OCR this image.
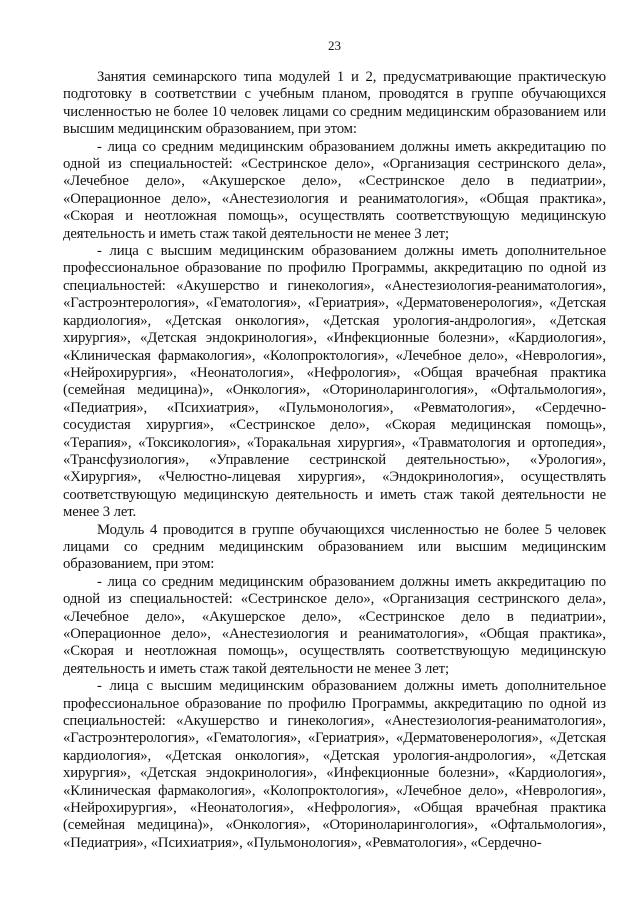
23

Занятия семинарского типа модулей 1 и 2, предусматривающие практическую подготовку в соответствии с учебным планом, проводятся в группе обучающихся численностью не более 10 человек лицами со средним медицинским образованием или высшим медицинским образованием, при этом:

- лица со средним медицинским образованием должны иметь аккредитацию по одной из специальностей: «Сестринское дело», «Организация сестринского дела», «Лечебное дело», «Акушерское дело», «Сестринское дело в педиатрии», «Операционное дело», «Анестезиология и реаниматология», «Общая практика», «Скорая и неотложная помощь», осуществлять соответствующую медицинскую деятельность и иметь стаж такой деятельности не менее 3 лет;

- лица с высшим медицинским образованием должны иметь дополнительное профессиональное образование по профилю Программы, аккредитацию по одной из специальностей: «Акушерство и гинекология», «Анестезиология-реаниматология», «Гастроэнтерология», «Гематология», «Гериатрия», «Дерматовенерология», «Детская кардиология», «Детская онкология», «Детская урология-андрология», «Детская хирургия», «Детская эндокринология», «Инфекционные болезни», «Кардиология», «Клиническая фармакология», «Колопроктология», «Лечебное дело», «Неврология», «Нейрохирургия», «Неонатология», «Нефрология», «Общая врачебная практика (семейная медицина)», «Онкология», «Оториноларингология», «Офтальмология», «Педиатрия», «Психиатрия», «Пульмонология», «Ревматология», «Сердечно-сосудистая хирургия», «Сестринское дело», «Скорая медицинская помощь», «Терапия», «Токсикология», «Торакальная хирургия», «Травматология и ортопедия», «Трансфузиология», «Управление сестринской деятельностью», «Урология», «Хирургия», «Челюстно-лицевая хирургия», «Эндокринология», осуществлять соответствующую медицинскую деятельность и иметь стаж такой деятельности не менее 3 лет.

Модуль 4 проводится в группе обучающихся численностью не более 5 человек лицами со средним медицинским образованием или высшим медицинским образованием, при этом:

- лица со средним медицинским образованием должны иметь аккредитацию по одной из специальностей: «Сестринское дело», «Организация сестринского дела», «Лечебное дело», «Акушерское дело», «Сестринское дело в педиатрии», «Операционное дело», «Анестезиология и реаниматология», «Общая практика», «Скорая и неотложная помощь», осуществлять соответствующую медицинскую деятельность и иметь стаж такой деятельности не менее 3 лет;

- лица с высшим медицинским образованием должны иметь дополнительное профессиональное образование по профилю Программы, аккредитацию по одной из специальностей: «Акушерство и гинекология», «Анестезиология-реаниматология», «Гастроэнтерология», «Гематология», «Гериатрия», «Дерматовенерология», «Детская кардиология», «Детская онкология», «Детская урология-андрология», «Детская хирургия», «Детская эндокринология», «Инфекционные болезни», «Кардиология», «Клиническая фармакология», «Колопроктология», «Лечебное дело», «Неврология», «Нейрохирургия», «Неонатология», «Нефрология», «Общая врачебная практика (семейная медицина)», «Онкология», «Оториноларингология», «Офтальмология», «Педиатрия», «Психиатрия», «Пульмонология», «Ревматология», «Сердечно-
